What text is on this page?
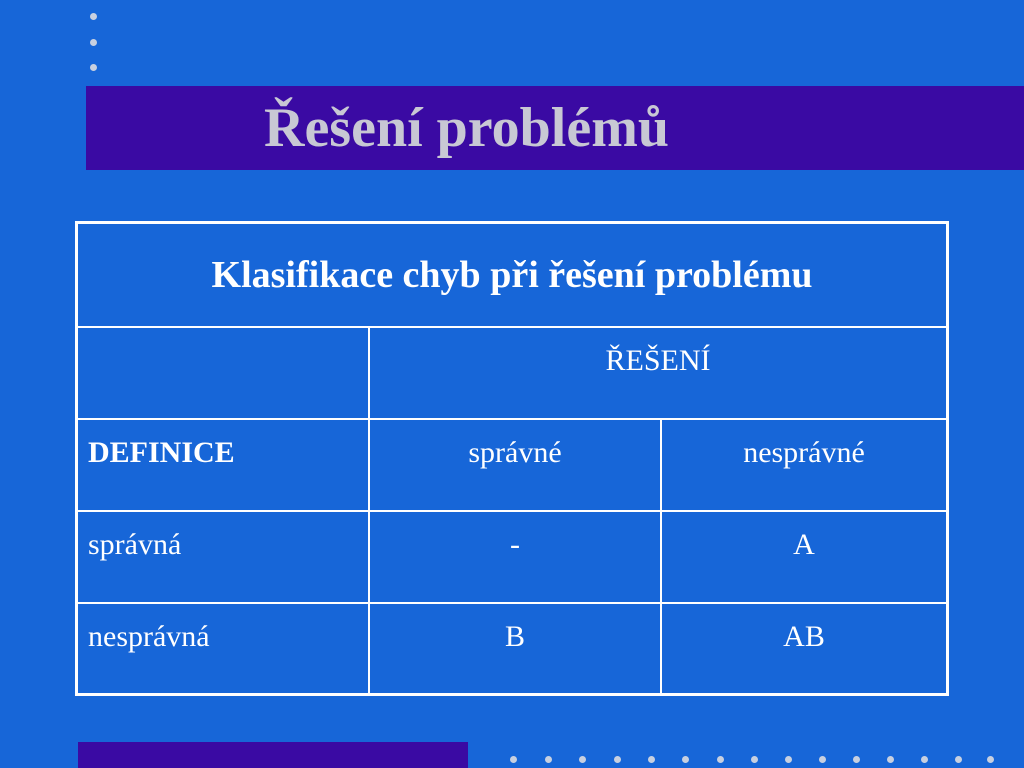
Řešení problémů
Klasifikace chyb při řešení problému		

	ŘEŠENÍ	

DEFINICE	správné	nesprávné

správná	-	A

nesprávná	B	AB
